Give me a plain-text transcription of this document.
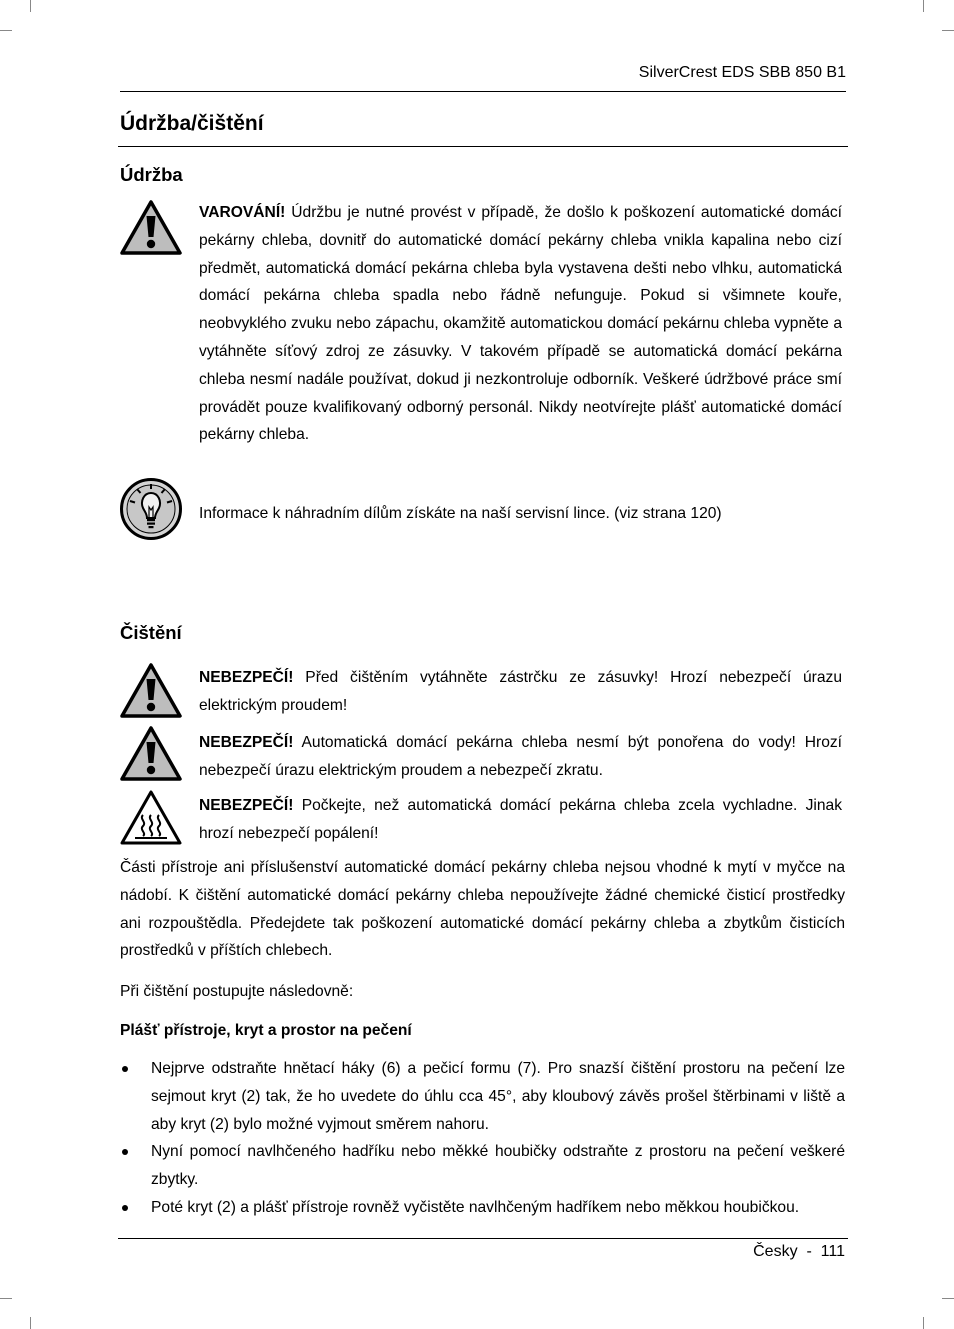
SilverCrest EDS SBB 850 B1
Údržba/čištění
Údržba

VAROVÁNÍ! Údržbu je nutné provést v případě, že došlo k poškození automatické domácí pekárny chleba, dovnitř do automatické domácí pekárny chleba vnikla kapalina nebo cizí předmět, automatická domácí pekárna chleba byla vystavena dešti nebo vlhku, automatická domácí pekárna chleba spadla nebo řádně nefunguje. Pokud si všimnete kouře, neobvyklého zvuku nebo zápachu, okamžitě automatickou domácí pekárnu chleba vypněte a vytáhněte síťový zdroj ze zásuvky. V takovém případě se automatická domácí pekárna chleba nesmí nadále používat, dokud ji nezkontroluje odborník. Veškeré údržbové práce smí provádět pouze kvalifikovaný odborný personál. Nikdy neotvírejte plášť automatické domácí pekárny chleba.

Informace k náhradním dílům získáte na naší servisní lince. (viz strana 120)

Čištění

NEBEZPEČÍ! Před čištěním vytáhněte zástrčku ze zásuvky! Hrozí nebezpečí úrazu elektrickým proudem!

NEBEZPEČÍ! Automatická domácí pekárna chleba nesmí být ponořena do vody! Hrozí nebezpečí úrazu elektrickým proudem a nebezpečí zkratu.

NEBEZPEČÍ! Počkejte, než automatická domácí pekárna chleba zcela vychladne. Jinak hrozí nebezpečí popálení!

Části přístroje ani příslušenství automatické domácí pekárny chleba nejsou vhodné k mytí v myčce na nádobí. K čištění automatické domácí pekárny chleba nepoužívejte žádné chemické čisticí prostředky ani rozpouštědla. Předejdete tak poškození automatické domácí pekárny chleba a zbytkům čisticích prostředků v příštích chlebech.

Při čištění postupujte následovně:

Plášť přístroje, kryt a prostor na pečení

Nejprve odstraňte hnětací háky (6) a pečicí formu (7). Pro snazší čištění prostoru na pečení lze sejmout kryt (2) tak, že ho uvedete do úhlu cca 45°, aby kloubový závěs prošel štěrbinami v liště a aby kryt (2) bylo možné vyjmout směrem nahoru.
Nyní pomocí navlhčeného hadříku nebo měkké houbičky odstraňte z prostoru na pečení veškeré zbytky.
Poté kryt (2) a plášť přístroje rovněž vyčistěte navlhčeným hadříkem nebo měkkou houbičkou.
Česky  -  111
